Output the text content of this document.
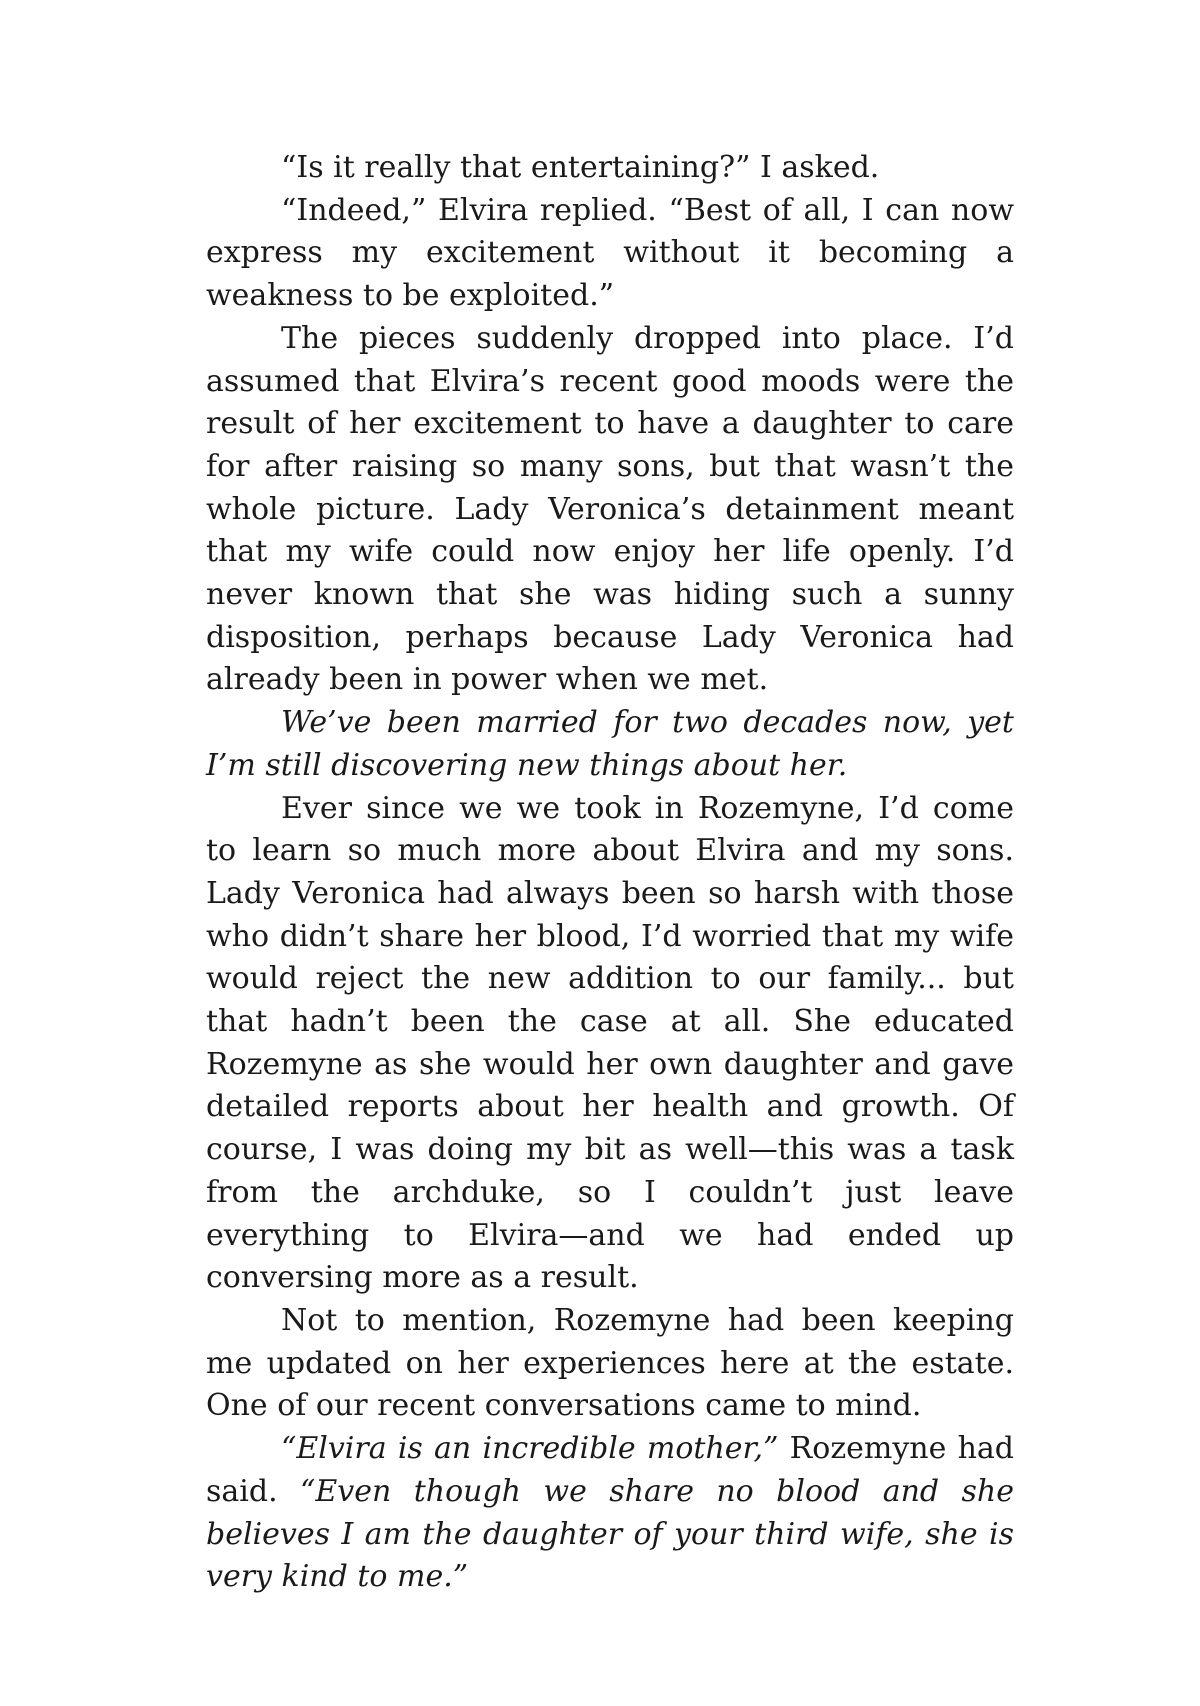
“Is it really that entertaining?” I asked.

“Indeed,” Elvira replied. “Best of all, I can now express my excitement without it becoming a weakness to be exploited.”

The pieces suddenly dropped into place. I’d assumed that Elvira’s recent good moods were the result of her excitement to have a daughter to care for after raising so many sons, but that wasn’t the whole picture. Lady Veronica’s detainment meant that my wife could now enjoy her life openly. I’d never known that she was hiding such a sunny disposition, perhaps because Lady Veronica had already been in power when we met.

We’ve been married for two decades now, yet I’m still discovering new things about her.

Ever since we we took in Rozemyne, I’d come to learn so much more about Elvira and my sons. Lady Veronica had always been so harsh with those who didn’t share her blood, I’d worried that my wife would reject the new addition to our family... but that hadn’t been the case at all. She educated Rozemyne as she would her own daughter and gave detailed reports about her health and growth. Of course, I was doing my bit as well—this was a task from the archduke, so I couldn’t just leave everything to Elvira—and we had ended up conversing more as a result.

Not to mention, Rozemyne had been keeping me updated on her experiences here at the estate. One of our recent conversations came to mind.

“Elvira is an incredible mother,” Rozemyne had said. “Even though we share no blood and she believes I am the daughter of your third wife, she is very kind to me.”
